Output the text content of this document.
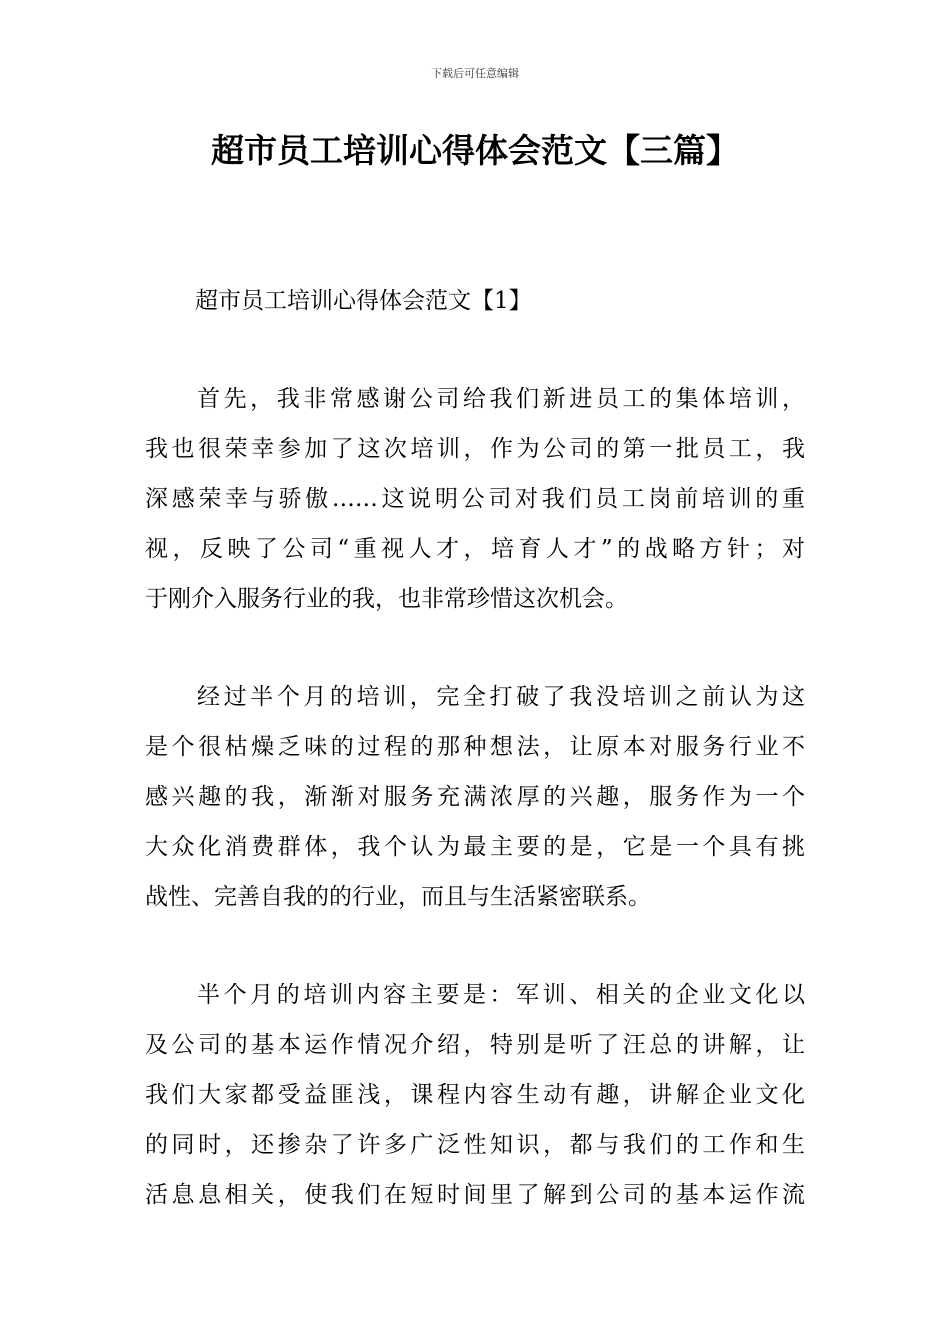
下载后可任意编辑
超市员工培训心得体会范文【三篇】
超市员工培训心得体会范文【1】
首先，我非常感谢公司给我们新进员工的集体培训，
我也很荣幸参加了这次培训，作为公司的第一批员工，我
深感荣幸与骄傲……这说明公司对我们员工岗前培训的重
视，反映了公司“重视人才，培育人才”的战略方针；对
于刚介入服务行业的我，也非常珍惜这次机会。
经过半个月的培训，完全打破了我没培训之前认为这
是个很枯燥乏味的过程的那种想法，让原本对服务行业不
感兴趣的我，渐渐对服务充满浓厚的兴趣，服务作为一个
大众化消费群体，我个认为最主要的是，它是一个具有挑
战性、完善自我的的行业，而且与生活紧密联系。
半个月的培训内容主要是：军训、相关的企业文化以
及公司的基本运作情况介绍，特别是听了汪总的讲解，让
我们大家都受益匪浅，课程内容生动有趣，讲解企业文化
的同时，还掺杂了许多广泛性知识，都与我们的工作和生
活息息相关，使我们在短时间里了解到公司的基本运作流
